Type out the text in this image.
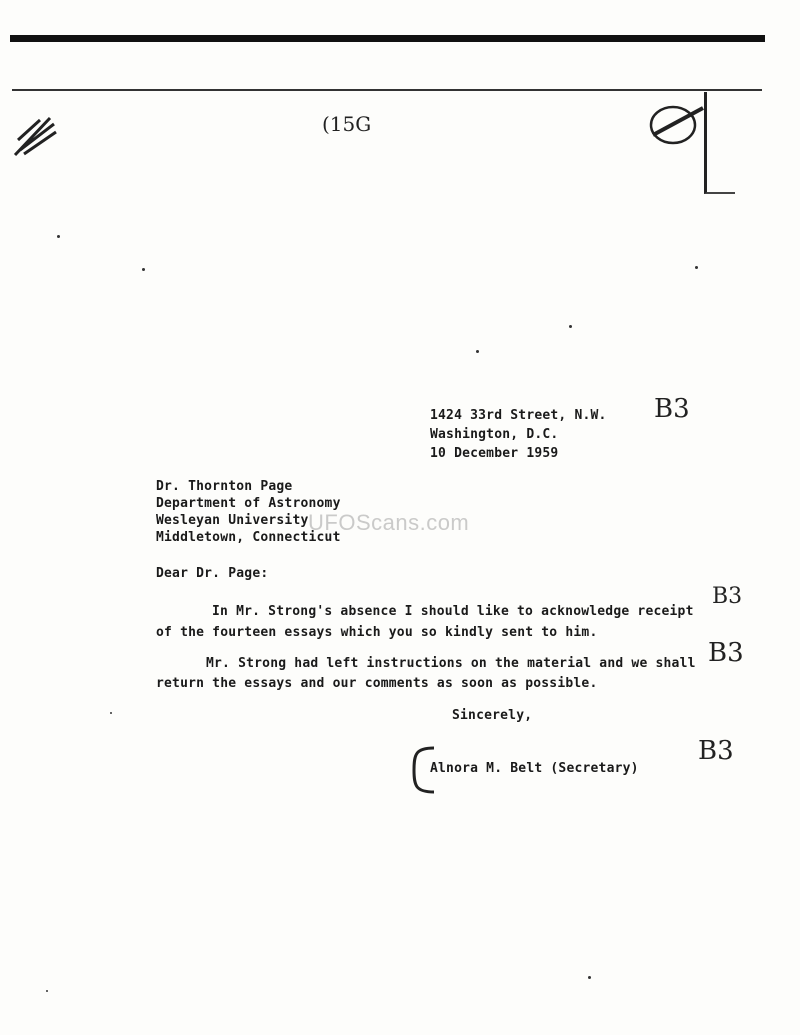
(15G
1424 33rd Street, N.W.
Washington, D.C.
10 December 1959
B3
Dr. Thornton Page
Department of Astronomy
Wesleyan University
Middletown, Connecticut
UFOScans.com
Dear Dr. Page:
In Mr. Strong's absence I should like to acknowledge receipt
of the fourteen essays which you so kindly sent to him.
B3
Mr. Strong had left instructions on the material and we shall
return the essays and our comments as soon as possible.
B3
Sincerely,
Alnora M. Belt (Secretary)
B3
